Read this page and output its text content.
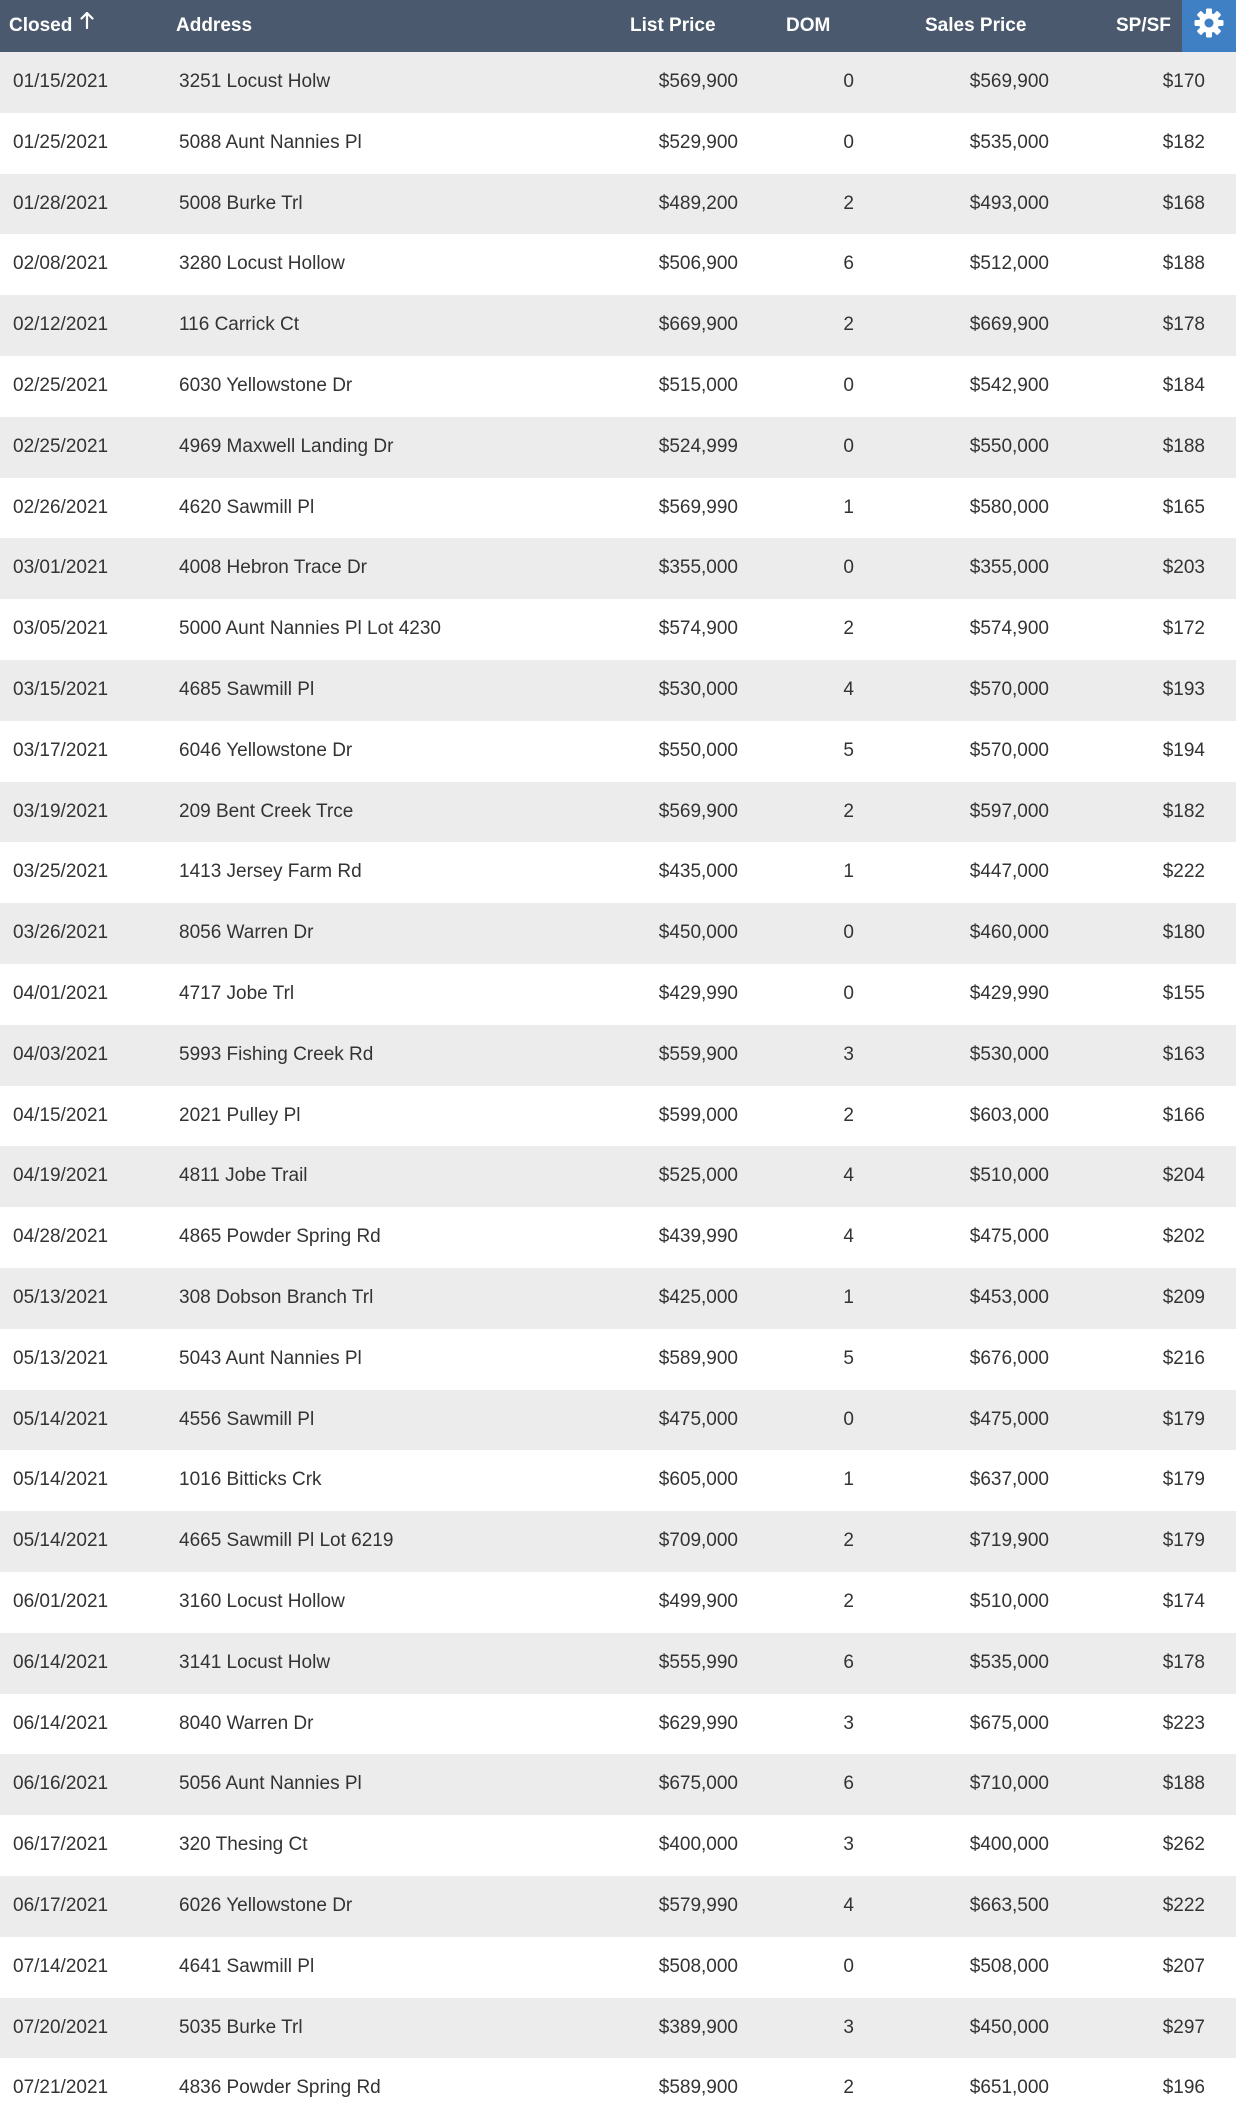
Closed	Address	List Price	DOM	Sales Price	SP/SF
01/15/2021	3251 Locust Holw	$569,900	0	$569,900	$170
01/25/2021	5088 Aunt Nannies Pl	$529,900	0	$535,000	$182
01/28/2021	5008 Burke Trl	$489,200	2	$493,000	$168
02/08/2021	3280 Locust Hollow	$506,900	6	$512,000	$188
02/12/2021	116 Carrick Ct	$669,900	2	$669,900	$178
02/25/2021	6030 Yellowstone Dr	$515,000	0	$542,900	$184
02/25/2021	4969 Maxwell Landing Dr	$524,999	0	$550,000	$188
02/26/2021	4620 Sawmill Pl	$569,990	1	$580,000	$165
03/01/2021	4008 Hebron Trace Dr	$355,000	0	$355,000	$203
03/05/2021	5000 Aunt Nannies Pl Lot 4230	$574,900	2	$574,900	$172
03/15/2021	4685 Sawmill Pl	$530,000	4	$570,000	$193
03/17/2021	6046 Yellowstone Dr	$550,000	5	$570,000	$194
03/19/2021	209 Bent Creek Trce	$569,900	2	$597,000	$182
03/25/2021	1413 Jersey Farm Rd	$435,000	1	$447,000	$222
03/26/2021	8056 Warren Dr	$450,000	0	$460,000	$180
04/01/2021	4717 Jobe Trl	$429,990	0	$429,990	$155
04/03/2021	5993 Fishing Creek Rd	$559,900	3	$530,000	$163
04/15/2021	2021 Pulley Pl	$599,000	2	$603,000	$166
04/19/2021	4811 Jobe Trail	$525,000	4	$510,000	$204
04/28/2021	4865 Powder Spring Rd	$439,990	4	$475,000	$202
05/13/2021	308 Dobson Branch Trl	$425,000	1	$453,000	$209
05/13/2021	5043 Aunt Nannies Pl	$589,900	5	$676,000	$216
05/14/2021	4556 Sawmill Pl	$475,000	0	$475,000	$179
05/14/2021	1016 Bitticks Crk	$605,000	1	$637,000	$179
05/14/2021	4665 Sawmill Pl Lot 6219	$709,000	2	$719,900	$179
06/01/2021	3160 Locust Hollow	$499,900	2	$510,000	$174
06/14/2021	3141 Locust Holw	$555,990	6	$535,000	$178
06/14/2021	8040 Warren Dr	$629,990	3	$675,000	$223
06/16/2021	5056 Aunt Nannies Pl	$675,000	6	$710,000	$188
06/17/2021	320 Thesing Ct	$400,000	3	$400,000	$262
06/17/2021	6026 Yellowstone Dr	$579,990	4	$663,500	$222
07/14/2021	4641 Sawmill Pl	$508,000	0	$508,000	$207
07/20/2021	5035 Burke Trl	$389,900	3	$450,000	$297
07/21/2021	4836 Powder Spring Rd	$589,900	2	$651,000	$196
